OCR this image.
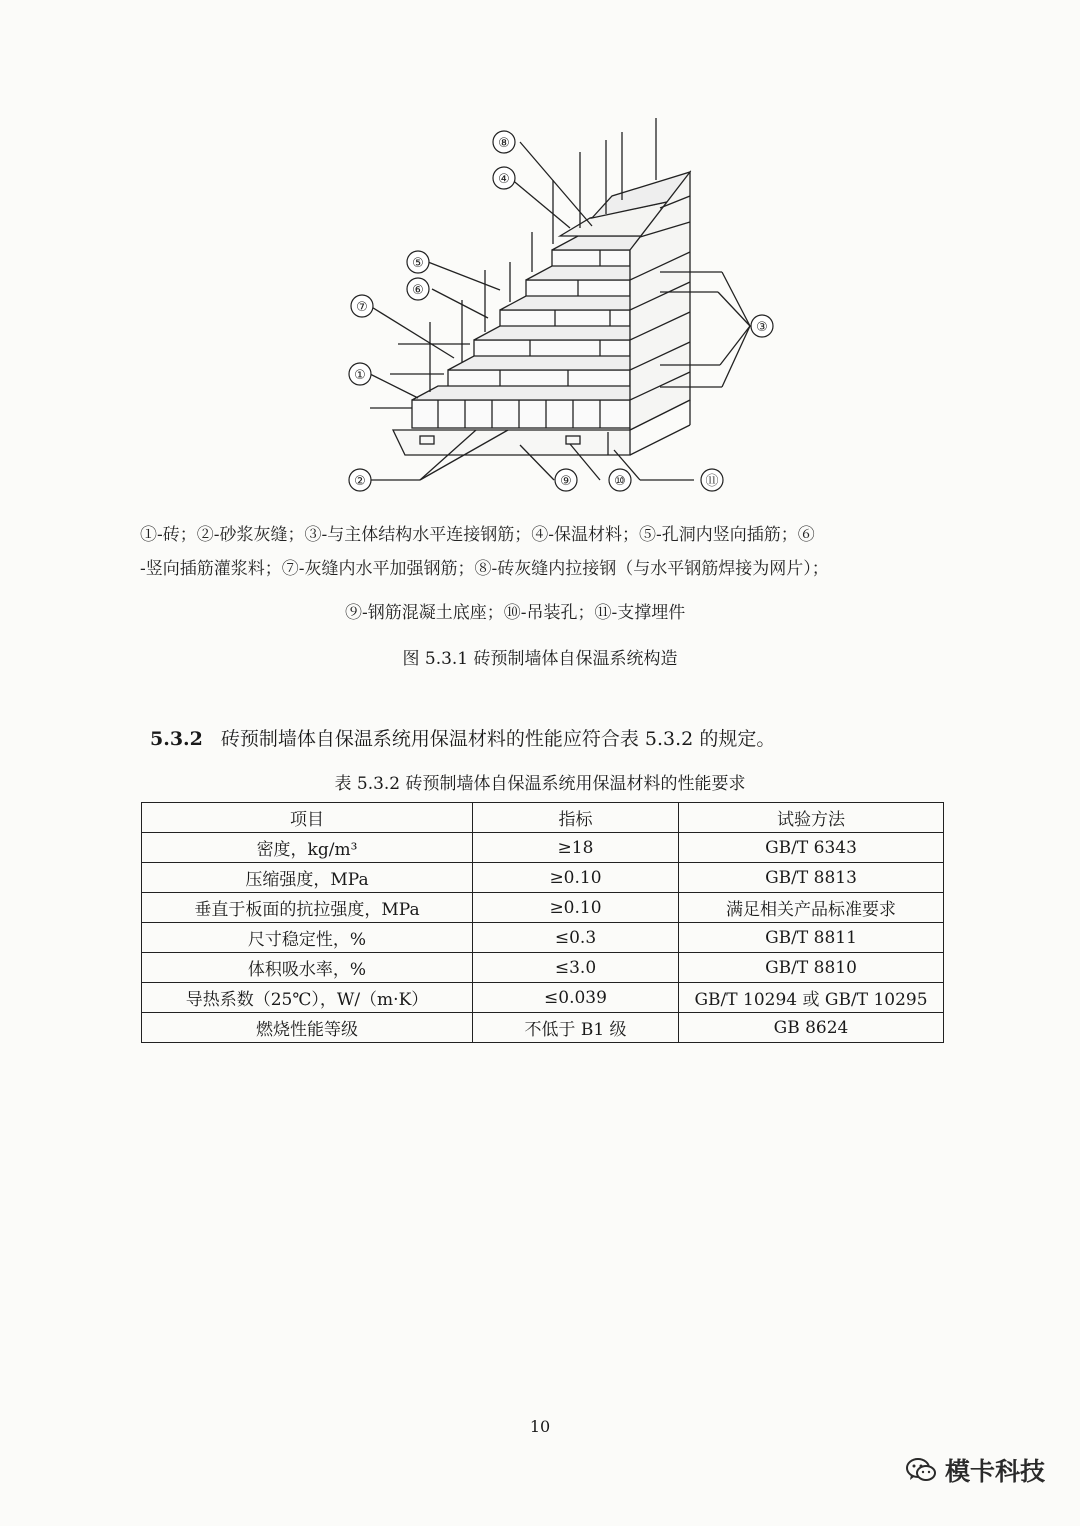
⑧
④
⑤
⑥
⑦
①
②
③
⑨	⑩	⑪
①-砖；②-砂浆灰缝；③-与主体结构水平连接钢筋；④-保温材料；⑤-孔洞内竖向插筋；⑥
-竖向插筋灌浆料；⑦-灰缝内水平加强钢筋；⑧-砖灰缝内拉接钢（与水平钢筋焊接为网片）；
⑨-钢筋混凝土底座；⑩-吊装孔；⑪-支撑埋件
图 5.3.1 砖预制墙体自保温系统构造
5.3.2 砖预制墙体自保温系统用保温材料的性能应符合表 5.3.2 的规定。
表 5.3.2 砖预制墙体自保温系统用保温材料的性能要求
项目	指标	试验方法
密度，kg/m³	≥18	GB/T 6343
压缩强度，MPa	≥0.10	GB/T 8813
垂直于板面的抗拉强度，MPa	≥0.10	满足相关产品标准要求
尺寸稳定性，%	≤0.3	GB/T 8811
体积吸水率，%	≤3.0	GB/T 8810
导热系数（25℃），W/（m·K）	≤0.039	GB/T 10294 或 GB/T 10295
燃烧性能等级	不低于 B1 级	GB 8624
10
模卡科技
